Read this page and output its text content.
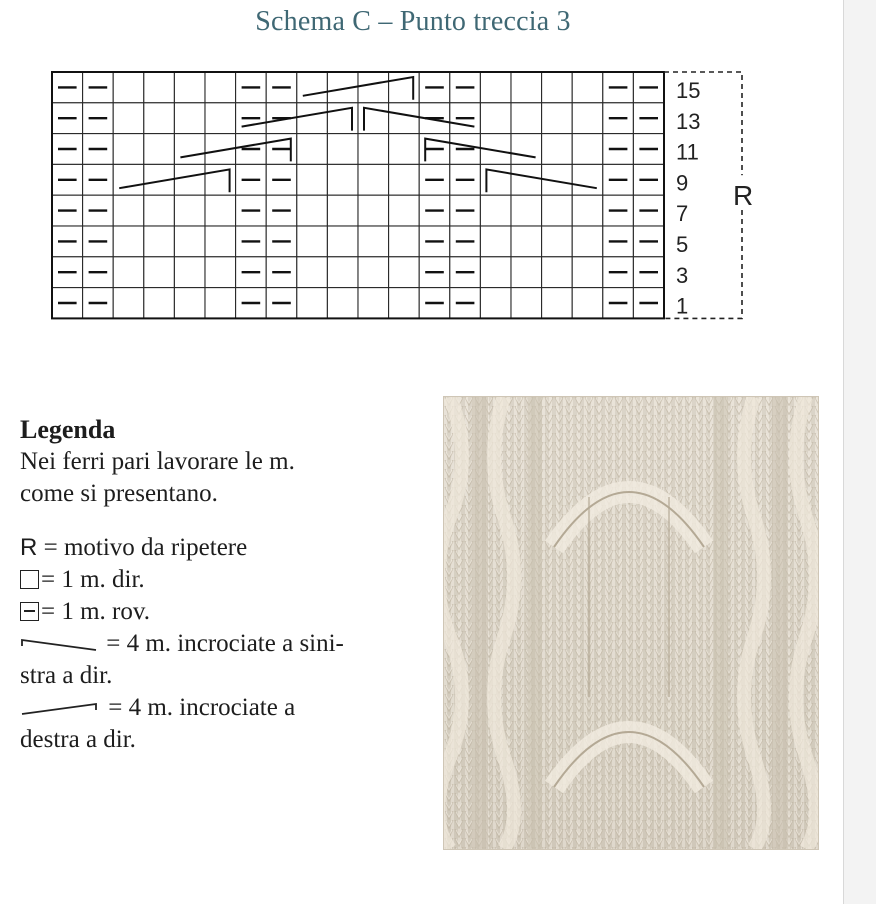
Schema C – Punto treccia 3
15
13
11
9
7
5
3
1
R
Legenda
Nei ferri pari lavorare le m.
come si presentano.
R = motivo da ripetere
= 1 m. dir.
= 1 m. rov.
= 4 m. incrociate a sini-
stra a dir.
= 4 m. incrociate a
destra a dir.
